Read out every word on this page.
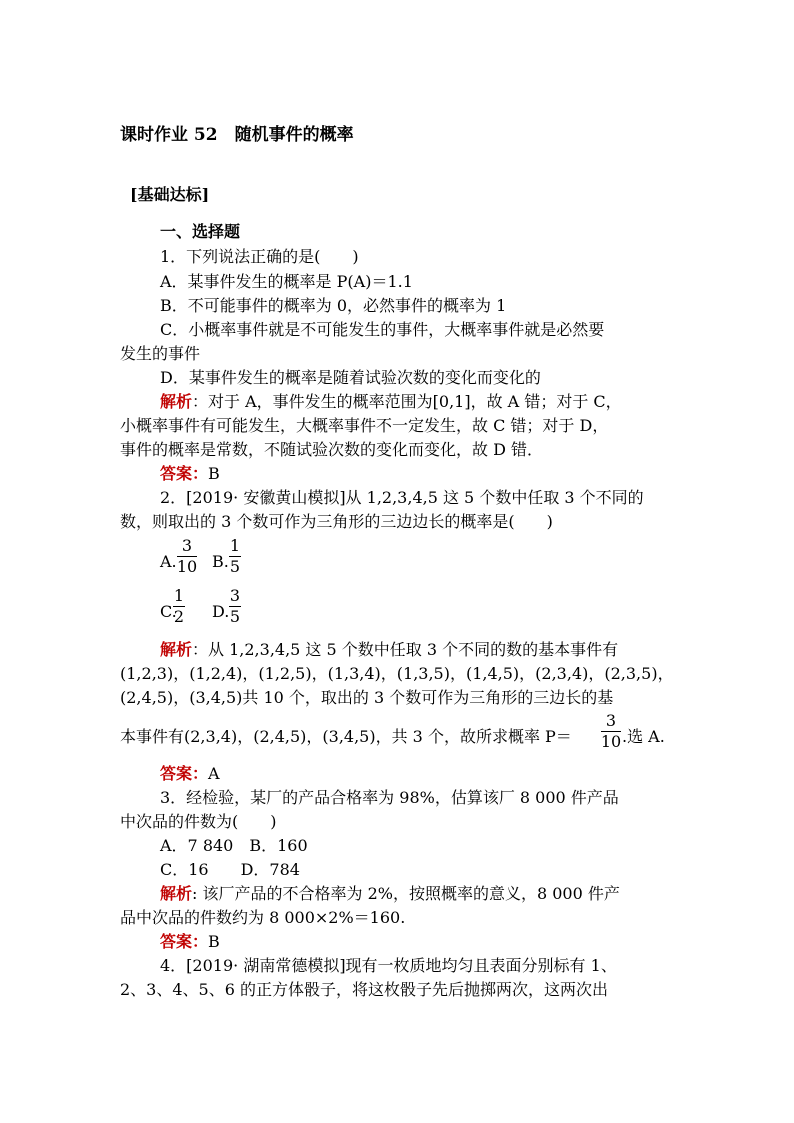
课时作业 52　随机事件的概率
[基础达标]
一、选择题
1．下列说法正确的是(　　)
A．某事件发生的概率是 P(A)＝1.1
B．不可能事件的概率为 0，必然事件的概率为 1
C．小概率事件就是不可能发生的事件，大概率事件就是必然要
发生的事件
D．某事件发生的概率是随着试验次数的变化而变化的
解析：对于 A，事件发生的概率范围为[0,1]，故 A 错；对于 C，
小概率事件有可能发生，大概率事件不一定发生，故 C 错；对于 D，
事件的概率是常数，不随试验次数的变化而变化，故 D 错．
答案：B
2．[2019· 安徽黄山模拟]从 1,2,3,4,5 这 5 个数中任取 3 个不同的
数，则取出的 3 个数可作为三角形的三边边长的概率是(　　)
A.
3
10 B.
1
5
C.
1
2 D.
3
5
解析：从 1,2,3,4,5 这 5 个数中任取 3 个不同的数的基本事件有
(1,2,3)，(1,2,4)，(1,2,5)，(1,3,4)，(1,3,5)，(1,4,5)，(2,3,4)，(2,3,5)，
(2,4,5)，(3,4,5)共 10 个，取出的 3 个数可作为三角形的三边长的基
本事件有(2,3,4)，(2,4,5)，(3,4,5)，共 3 个，故所求概率 P＝
3
10 .选 A.
答案：A
3．经检验，某厂的产品合格率为 98%，估算该厂 8 000 件产品
中次品的件数为(　　)
A．7 840　B．160
C．16　　D．784
解析: 该厂产品的不合格率为 2%，按照概率的意义，8 000 件产
品中次品的件数约为 8 000×2%＝160.
答案：B
4．[2019· 湖南常德模拟]现有一枚质地均匀且表面分别标有 1、
2、3、4、5、6 的正方体骰子，将这枚骰子先后抛掷两次，这两次出
